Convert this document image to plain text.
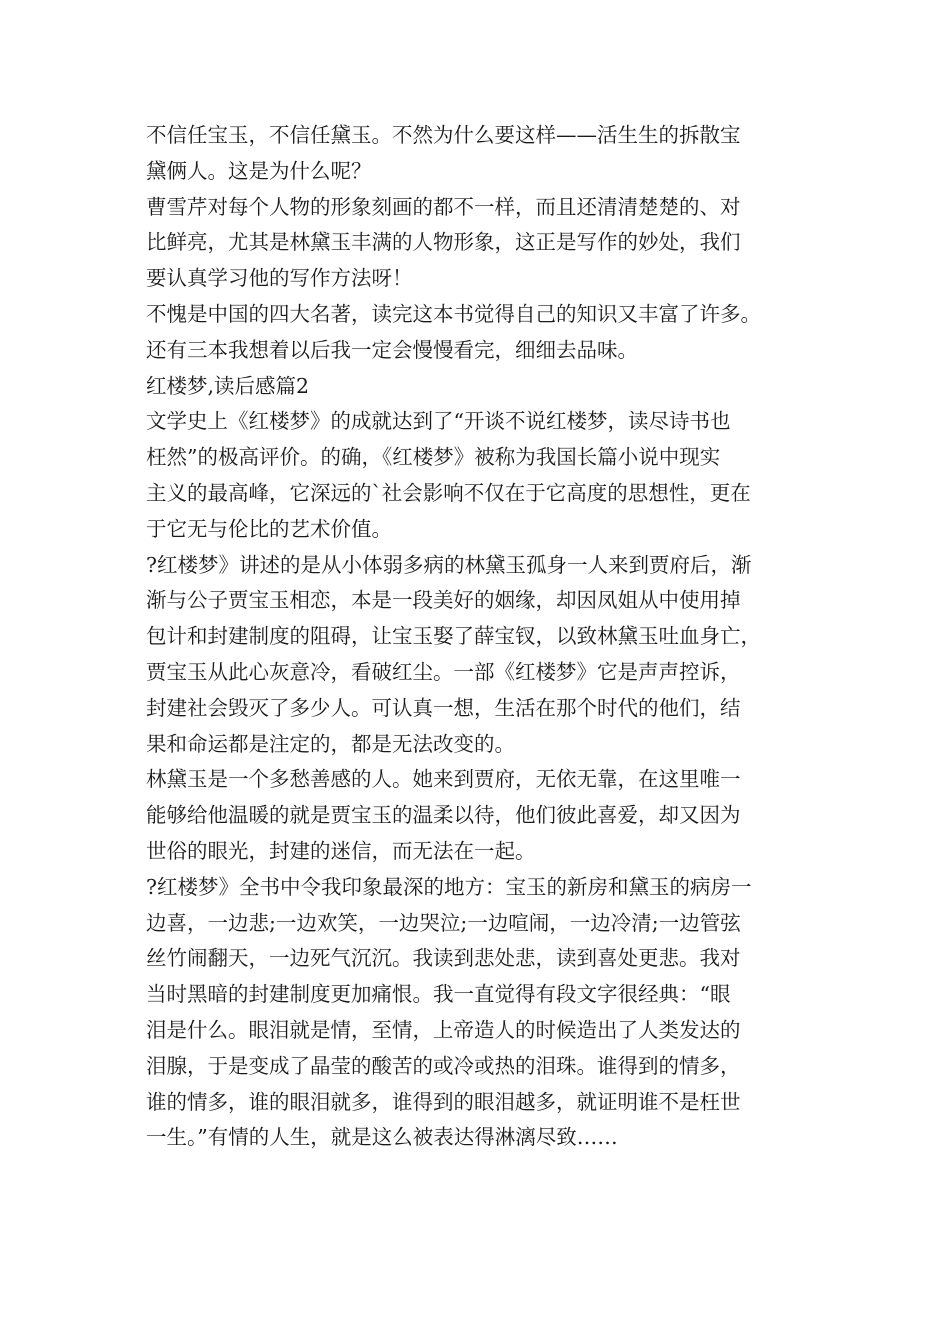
不信任宝玉，不信任黛玉。不然为什么要这样——活生生的拆散宝
黛俩人。这是为什么呢？

曹雪芹对每个人物的形象刻画的都不一样，而且还清清楚楚的、对
比鲜亮，尤其是林黛玉丰满的人物形象，这正是写作的妙处，我们
要认真学习他的写作方法呀！

不愧是中国的四大名著，读完这本书觉得自己的知识又丰富了许多。
还有三本我想着以后我一定会慢慢看完，细细去品味。

红楼梦,读后感篇2

文学史上《红楼梦》的成就达到了“开谈不说红楼梦，读尽诗书也
枉然”的极高评价。的确，《红楼梦》被称为我国长篇小说中现实
主义的最高峰，它深远的`社会影响不仅在于它高度的思想性，更在
于它无与伦比的艺术价值。

?红楼梦》讲述的是从小体弱多病的林黛玉孤身一人来到贾府后，渐
渐与公子贾宝玉相恋，本是一段美好的姻缘，却因凤姐从中使用掉
包计和封建制度的阻碍，让宝玉娶了薛宝钗，以致林黛玉吐血身亡，
贾宝玉从此心灰意冷，看破红尘。一部《红楼梦》它是声声控诉，
封建社会毁灭了多少人。可认真一想，生活在那个时代的他们，结
果和命运都是注定的，都是无法改变的。

林黛玉是一个多愁善感的人。她来到贾府，无依无靠，在这里唯一
能够给他温暖的就是贾宝玉的温柔以待，他们彼此喜爱，却又因为
世俗的眼光，封建的迷信，而无法在一起。

?红楼梦》全书中令我印象最深的地方：宝玉的新房和黛玉的病房一
边喜，一边悲;一边欢笑，一边哭泣;一边喧闹，一边冷清;一边管弦
丝竹闹翻天，一边死气沉沉。我读到悲处悲，读到喜处更悲。我对
当时黑暗的封建制度更加痛恨。我一直觉得有段文字很经典：“眼
泪是什么。眼泪就是情，至情，上帝造人的时候造出了人类发达的
泪腺，于是变成了晶莹的酸苦的或冷或热的泪珠。谁得到的情多，
谁的情多，谁的眼泪就多，谁得到的眼泪越多，就证明谁不是枉世
一生。”有情的人生，就是这么被表达得淋漓尽致……
